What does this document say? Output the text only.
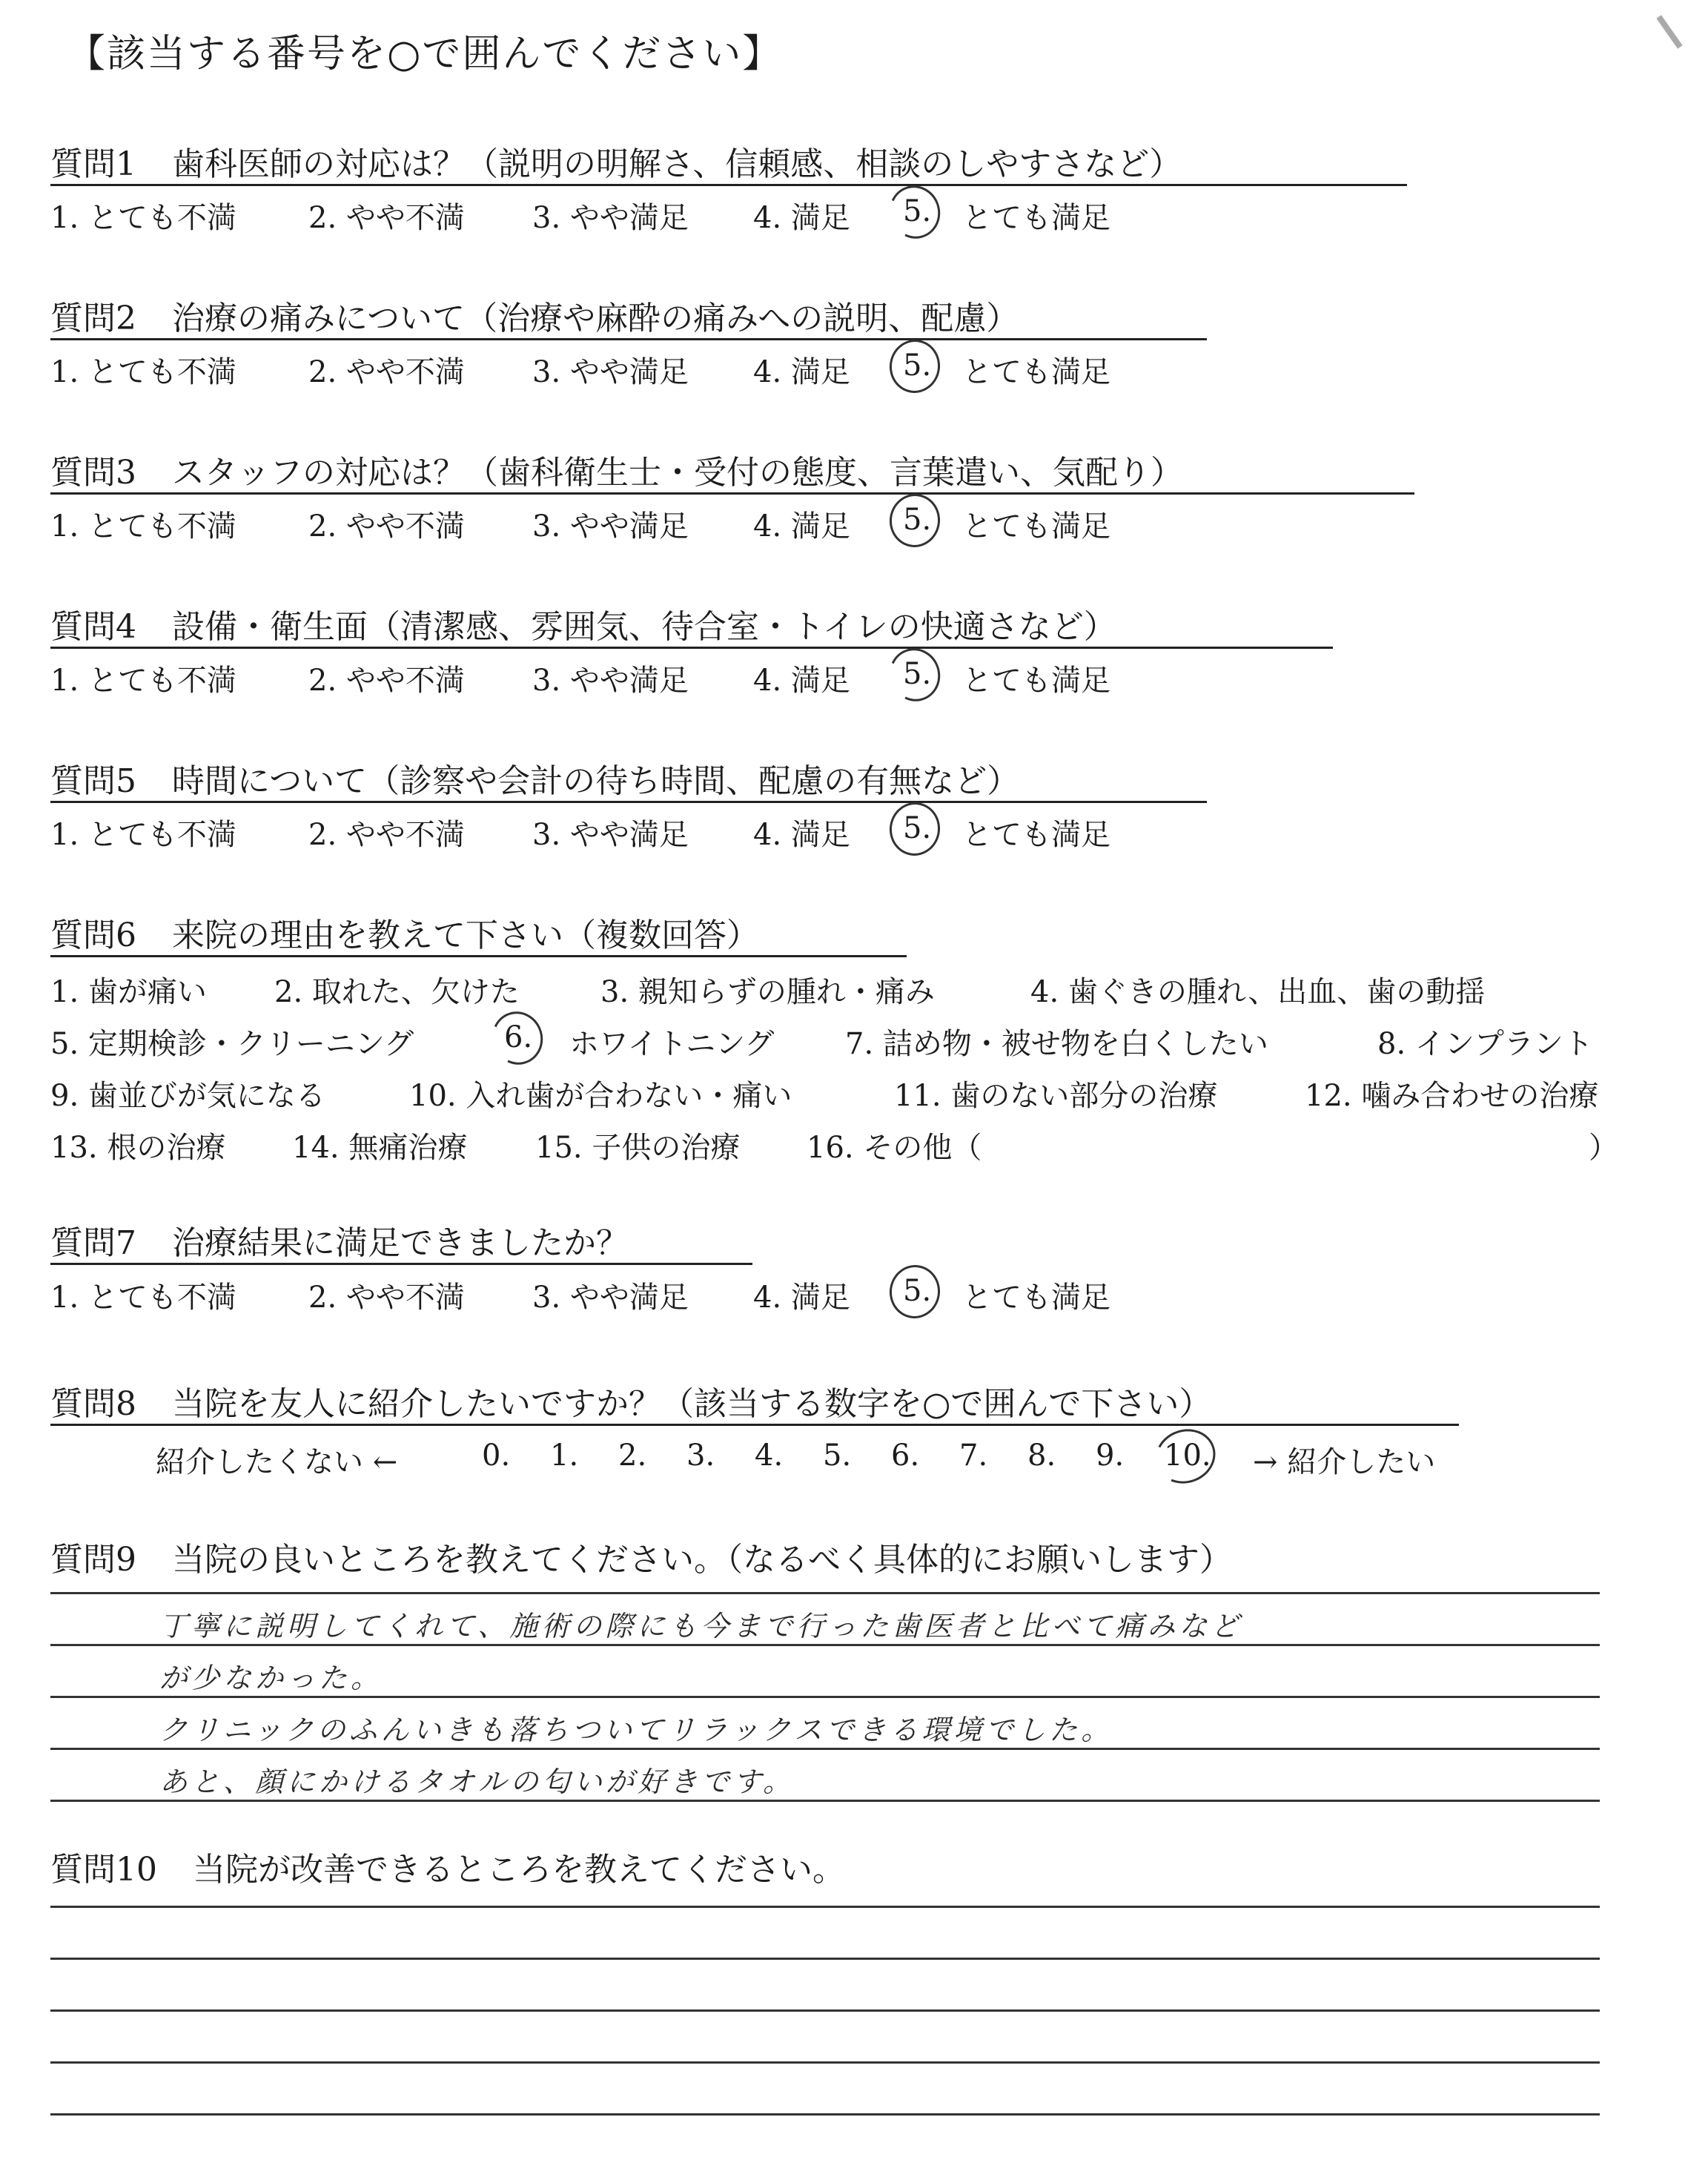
【該当する番号を○で囲んでください】
質問1 歯科医師の対応は？（説明の明解さ、信頼感、相談のしやすさなど）
1. とても不満 2. やや不満 3. やや満足 4. 満足 5. とても満足
質問2 治療の痛みについて（治療や麻酔の痛みへの説明、配慮）
1. とても不満 2. やや不満 3. やや満足 4. 満足 5. とても満足
質問3 スタッフの対応は？（歯科衛生士・受付の態度、言葉遣い、気配り）
1. とても不満 2. やや不満 3. やや満足 4. 満足 5. とても満足
質問4 設備・衛生面（清潔感、雰囲気、待合室・トイレの快適さなど）
1. とても不満 2. やや不満 3. やや満足 4. 満足 5. とても満足
質問5 時間について（診察や会計の待ち時間、配慮の有無など）
1. とても不満 2. やや不満 3. やや満足 4. 満足 5. とても満足
質問6 来院の理由を教えて下さい（複数回答）
1. 歯が痛い 2. 取れた、欠けた	3. 親知らずの腫れ・痛み	4. 歯ぐきの腫れ、出血、歯の動揺
5. 定期検診・クリーニング	6. ホワイトニング 7. 詰め物・被せ物を白くしたい	8. インプラント
9. 歯並びが気になる	10. 入れ歯が合わない・痛い	11. 歯のない部分の治療	12. 噛み合わせの治療
13. 根の治療 14. 無痛治療 15. 子供の治療 16. その他（	）
質問7 治療結果に満足できましたか？
1. とても不満 2. やや不満 3. やや満足 4. 満足 5. とても満足
質問8 当院を友人に紹介したいですか？（該当する数字を○で囲んで下さい）
紹介したくない ←	0. 1. 2. 3. 4. 5. 6. 7. 8. 9. 10. → 紹介したい
質問9 当院の良いところを教えてください。（なるべく具体的にお願いします）
丁寧に説明してくれて、施術の際にも今まで行った歯医者と比べて痛みなど
が少なかった。
クリニックのふんいきも落ちついてリラックスできる環境でした。
あと、顔にかけるタオルの匂いが好きです。
質問10 当院が改善できるところを教えてください。
